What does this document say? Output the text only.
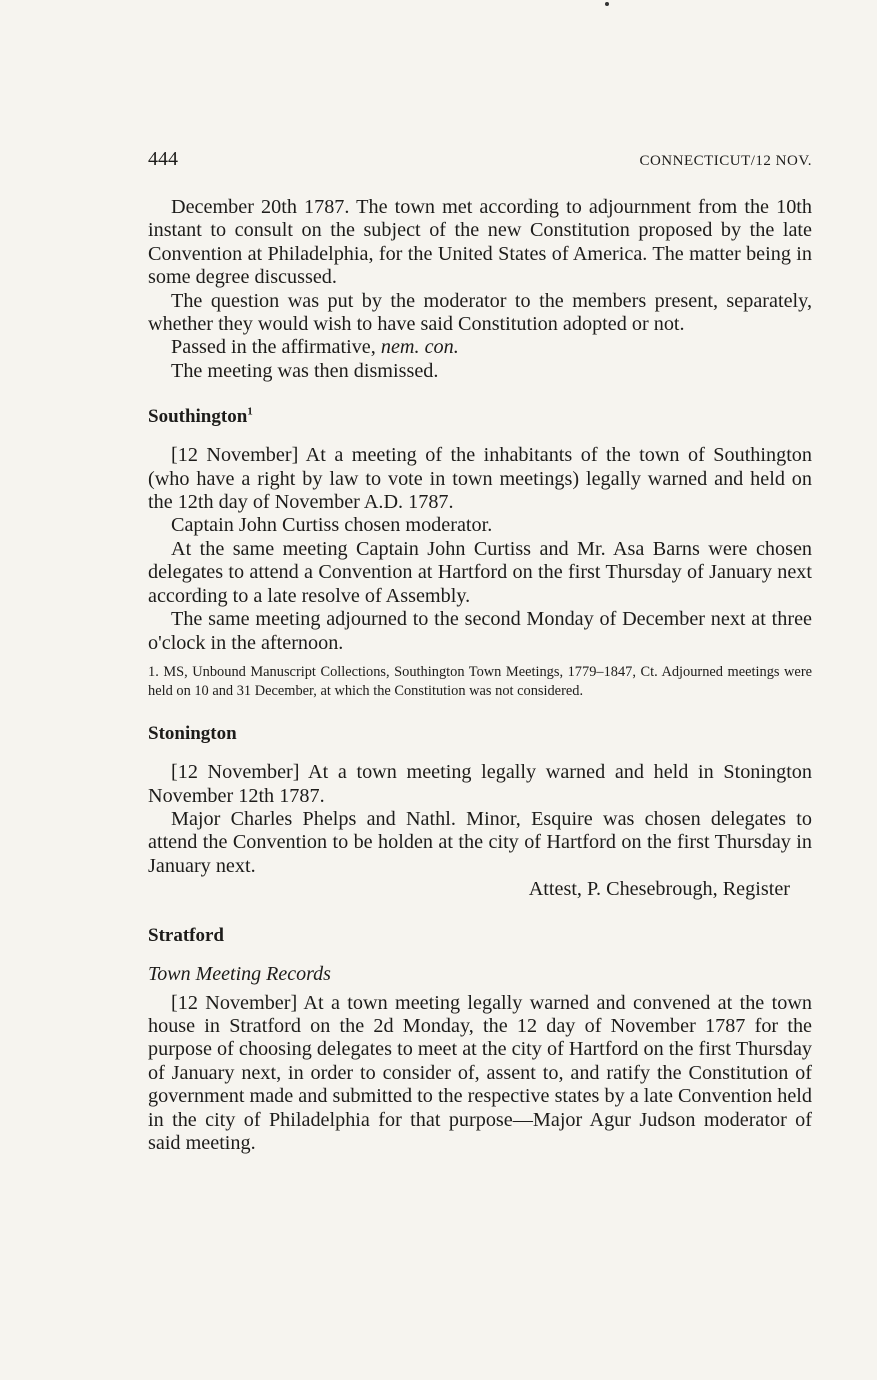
444	CONNECTICUT/12 NOV.

December 20th 1787. The town met according to adjournment from the 10th instant to consult on the subject of the new Constitution proposed by the late Convention at Philadelphia, for the United States of America. The matter being in some degree discussed.

The question was put by the moderator to the members present, separately, whether they would wish to have said Constitution adopted or not.

Passed in the affirmative, nem. con.

The meeting was then dismissed.

Southington$^1$

[12 November] At a meeting of the inhabitants of the town of Southington (who have a right by law to vote in town meetings) legally warned and held on the 12th day of November A.D. 1787.

Captain John Curtiss chosen moderator.

At the same meeting Captain John Curtiss and Mr. Asa Barns were chosen delegates to attend a Convention at Hartford on the first Thursday of January next according to a late resolve of Assembly.

The same meeting adjourned to the second Monday of December next at three o'clock in the afternoon.

1. MS, Unbound Manuscript Collections, Southington Town Meetings, 1779–1847, Ct. Adjourned meetings were held on 10 and 31 December, at which the Constitution was not considered.
Stonington

[12 November] At a town meeting legally warned and held in Stonington November 12th 1787.

Major Charles Phelps and Nathl. Minor, Esquire was chosen delegates to attend the Convention to be holden at the city of Hartford on the first Thursday in January next.

Attest, P. Chesebrough, Register
Stratford
Town Meeting Records

[12 November] At a town meeting legally warned and convened at the town house in Stratford on the 2d Monday, the 12 day of November 1787 for the purpose of choosing delegates to meet at the city of Hartford on the first Thursday of January next, in order to consider of, assent to, and ratify the Constitution of government made and submitted to the respective states by a late Convention held in the city of Philadelphia for that purpose—Major Agur Judson moderator of said meeting.
